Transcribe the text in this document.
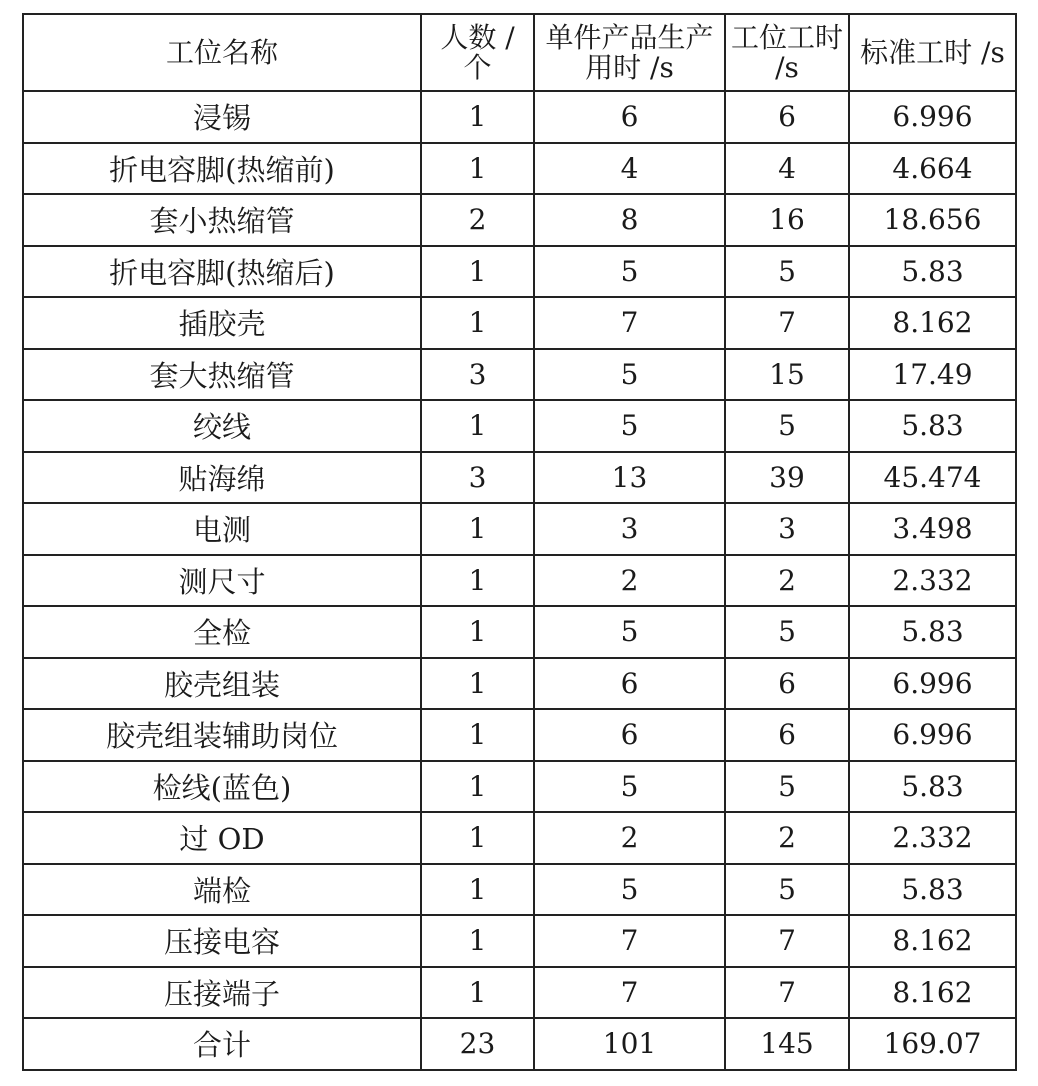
工位名称	人数 / 个	单件产品生产用时 /s	工位工时 /s	标准工时 /s
浸锡	1	6	6	6.996
折电容脚(热缩前)	1	4	4	4.664
套小热缩管	2	8	16	18.656
折电容脚(热缩后)	1	5	5	5.83
插胶壳	1	7	7	8.162
套大热缩管	3	5	15	17.49
绞线	1	5	5	5.83
贴海绵	3	13	39	45.474
电测	1	3	3	3.498
测尺寸	1	2	2	2.332
全检	1	5	5	5.83
胶壳组装	1	6	6	6.996
胶壳组装辅助岗位	1	6	6	6.996
检线(蓝色)	1	5	5	5.83
过 OD	1	2	2	2.332
端检	1	5	5	5.83
压接电容	1	7	7	8.162
压接端子	1	7	7	8.162
合计	23	101	145	169.07
